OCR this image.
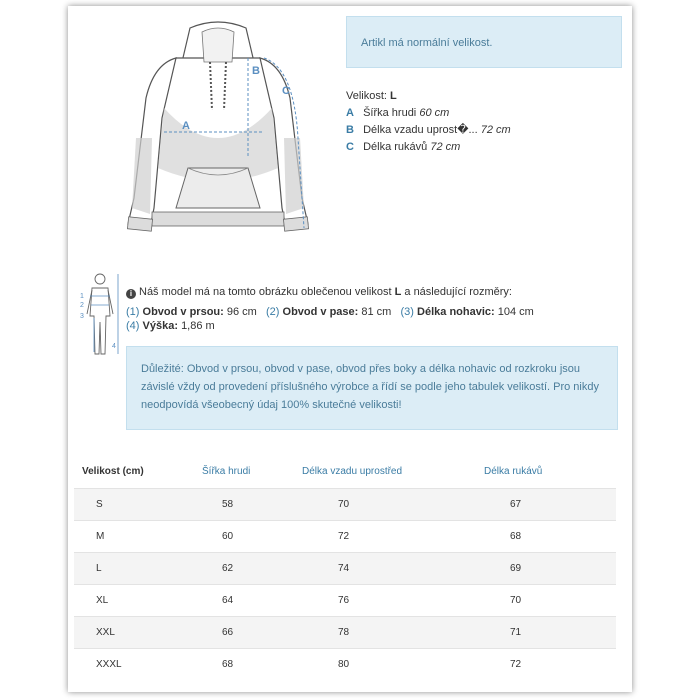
A
B
C
Artikl má normální velikost.
Velikost: L
A Šířka hrudi 60 cm
B Délka vzadu uprost�... 72 cm
C Délka rukávů 72 cm
1
2
3
4
i Náš model má na tomto obrázku oblečenou velikost L a následující rozměry:
(1) Obvod v prsou: 96 cm (2) Obvod v pase: 81 cm (3) Délka nohavic: 104 cm
(4) Výška: 1,86 m
Důležité: Obvod v prsou, obvod v pase, obvod přes boky a délka nohavic od rozkroku jsou závislé vždy od provedení příslušného výrobce a řídí se podle jeho tabulek velikostí. Pro nikdy neodpovídá všeobecný údaj 100% skutečné velikosti!
Velikost (cm)	Šířka hrudi	Délka vzadu uprostřed	Délka rukávů
S	58	70	67
M	60	72	68
L	62	74	69
XL	64	76	70
XXL	66	78	71
XXXL	68	80	72
